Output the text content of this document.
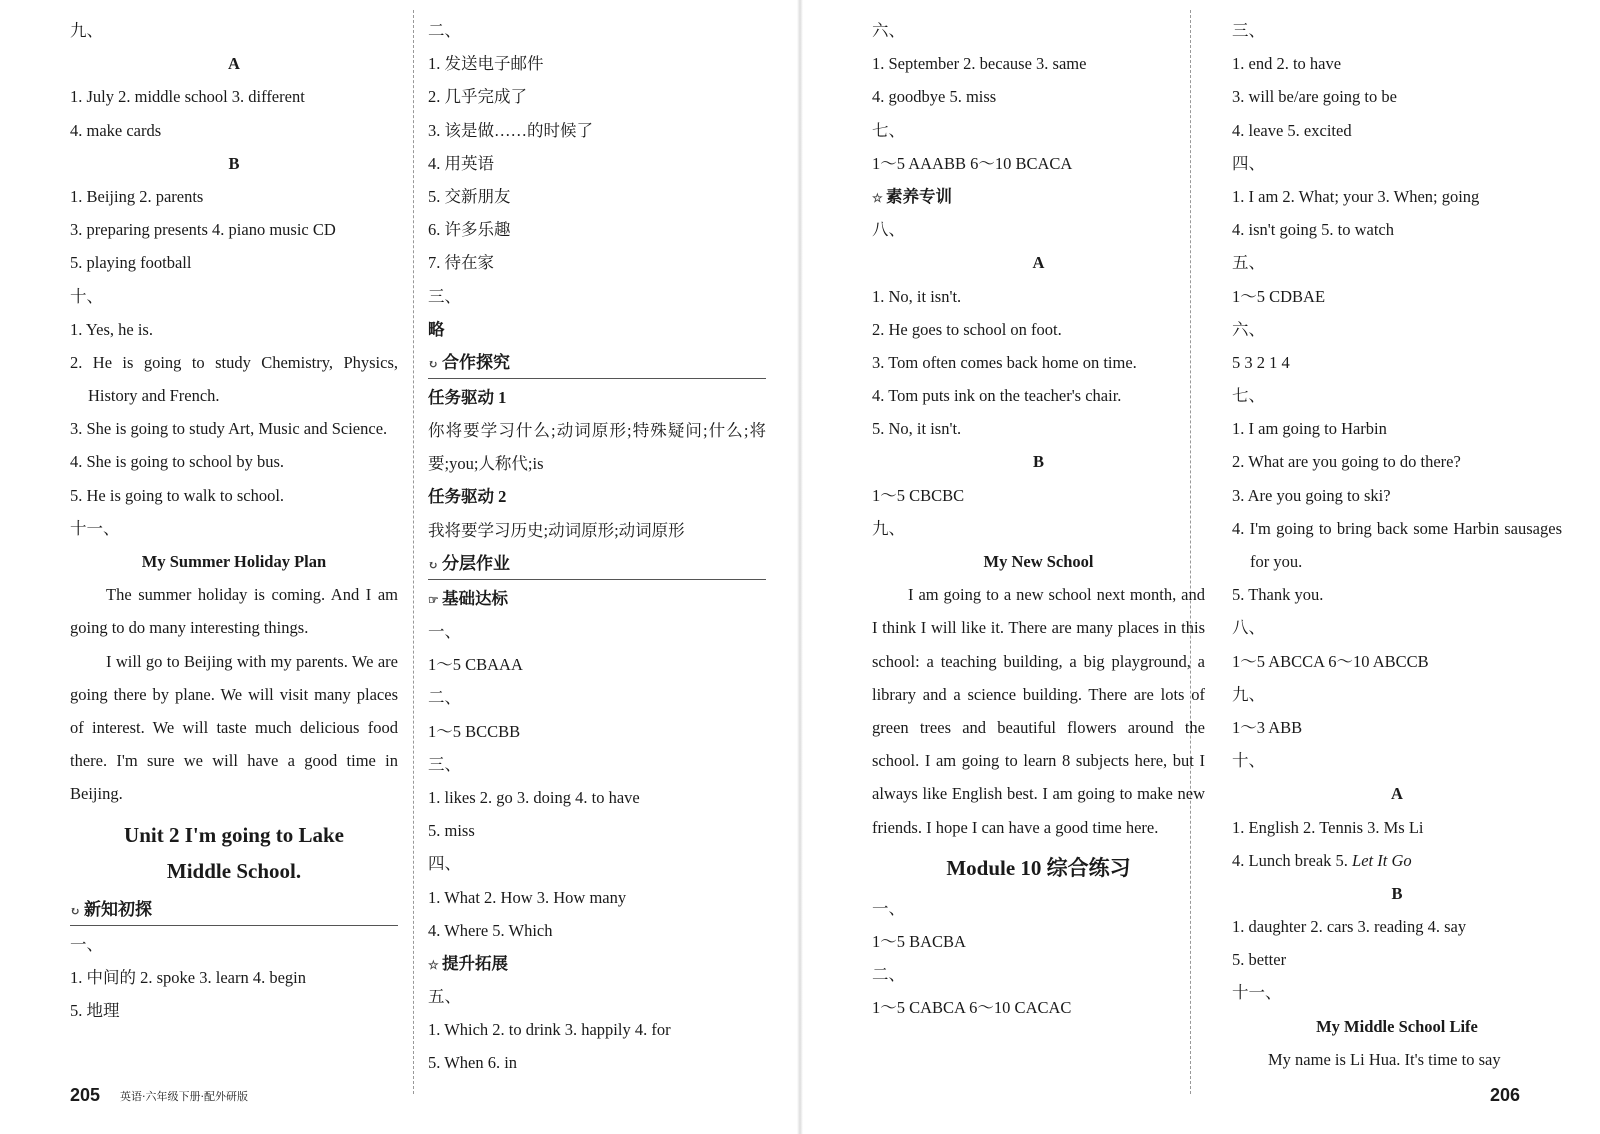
九、
A
1. July 2. middle school 3. different
4. make cards
B
1. Beijing 2. parents
3. preparing presents 4. piano music CD
5. playing football
十、
1. Yes, he is.
2. He is going to study Chemistry, Physics, History and French.
3. She is going to study Art, Music and Science.
4. She is going to school by bus.
5. He is going to walk to school.
十一、
My Summer Holiday Plan
The summer holiday is coming. And I am going to do many interesting things.
I will go to Beijing with my parents. We are going there by plane. We will visit many places of interest. We will taste much delicious food there. I'm sure we will have a good time in Beijing.
Unit 2 I'm going to Lake
Middle School.
↻ 新知初探
一、
1. 中间的 2. spoke 3. learn 4. begin
5. 地理
二、
1. 发送电子邮件
2. 几乎完成了
3. 该是做……的时候了
4. 用英语
5. 交新朋友
6. 许多乐趣
7. 待在家
三、
略
↻ 合作探究
任务驱动 1
你将要学习什么;动词原形;特殊疑问;什么;将要;you;人称代;is
任务驱动 2
我将要学习历史;动词原形;动词原形
↻ 分层作业
☞ 基础达标
一、
1～5 CBAAA
二、
1～5 BCCBB
三、
1. likes 2. go 3. doing 4. to have
5. miss
四、
1. What 2. How 3. How many
4. Where 5. Which
☆ 提升拓展
五、
1. Which 2. to drink 3. happily 4. for
5. When 6. in
六、
1. September 2. because 3. same
4. goodbye 5. miss
七、
1～5 AAABB 6～10 BCACA
☆ 素养专训
八、
A
1. No, it isn't.
2. He goes to school on foot.
3. Tom often comes back home on time.
4. Tom puts ink on the teacher's chair.
5. No, it isn't.
B
1～5 CBCBC
九、
My New School
I am going to a new school next month, and I think I will like it. There are many places in this school: a teaching building, a big playground, a library and a science building. There are lots of green trees and beautiful flowers around the school. I am going to learn 8 subjects here, but I always like English best. I am going to make new friends. I hope I can have a good time here.
Module 10 综合练习
一、
1～5 BACBA
二、
1～5 CABCA 6～10 CACAC
三、
1. end 2. to have
3. will be/are going to be
4. leave 5. excited
四、
1. I am 2. What; your 3. When; going
4. isn't going 5. to watch
五、
1～5 CDBAE
六、
5 3 2 1 4
七、
1. I am going to Harbin
2. What are you going to do there?
3. Are you going to ski?
4. I'm going to bring back some Harbin sausages for you.
5. Thank you.
八、
1～5 ABCCA 6～10 ABCCB
九、
1～3 ABB
十、
A
1. English 2. Tennis 3. Ms Li
4. Lunch break 5. Let It Go
B
1. daughter 2. cars 3. reading 4. say
5. better
十一、
My Middle School Life
My name is Li Hua. It's time to say
205 英语·六年级下册·配外研版	206
